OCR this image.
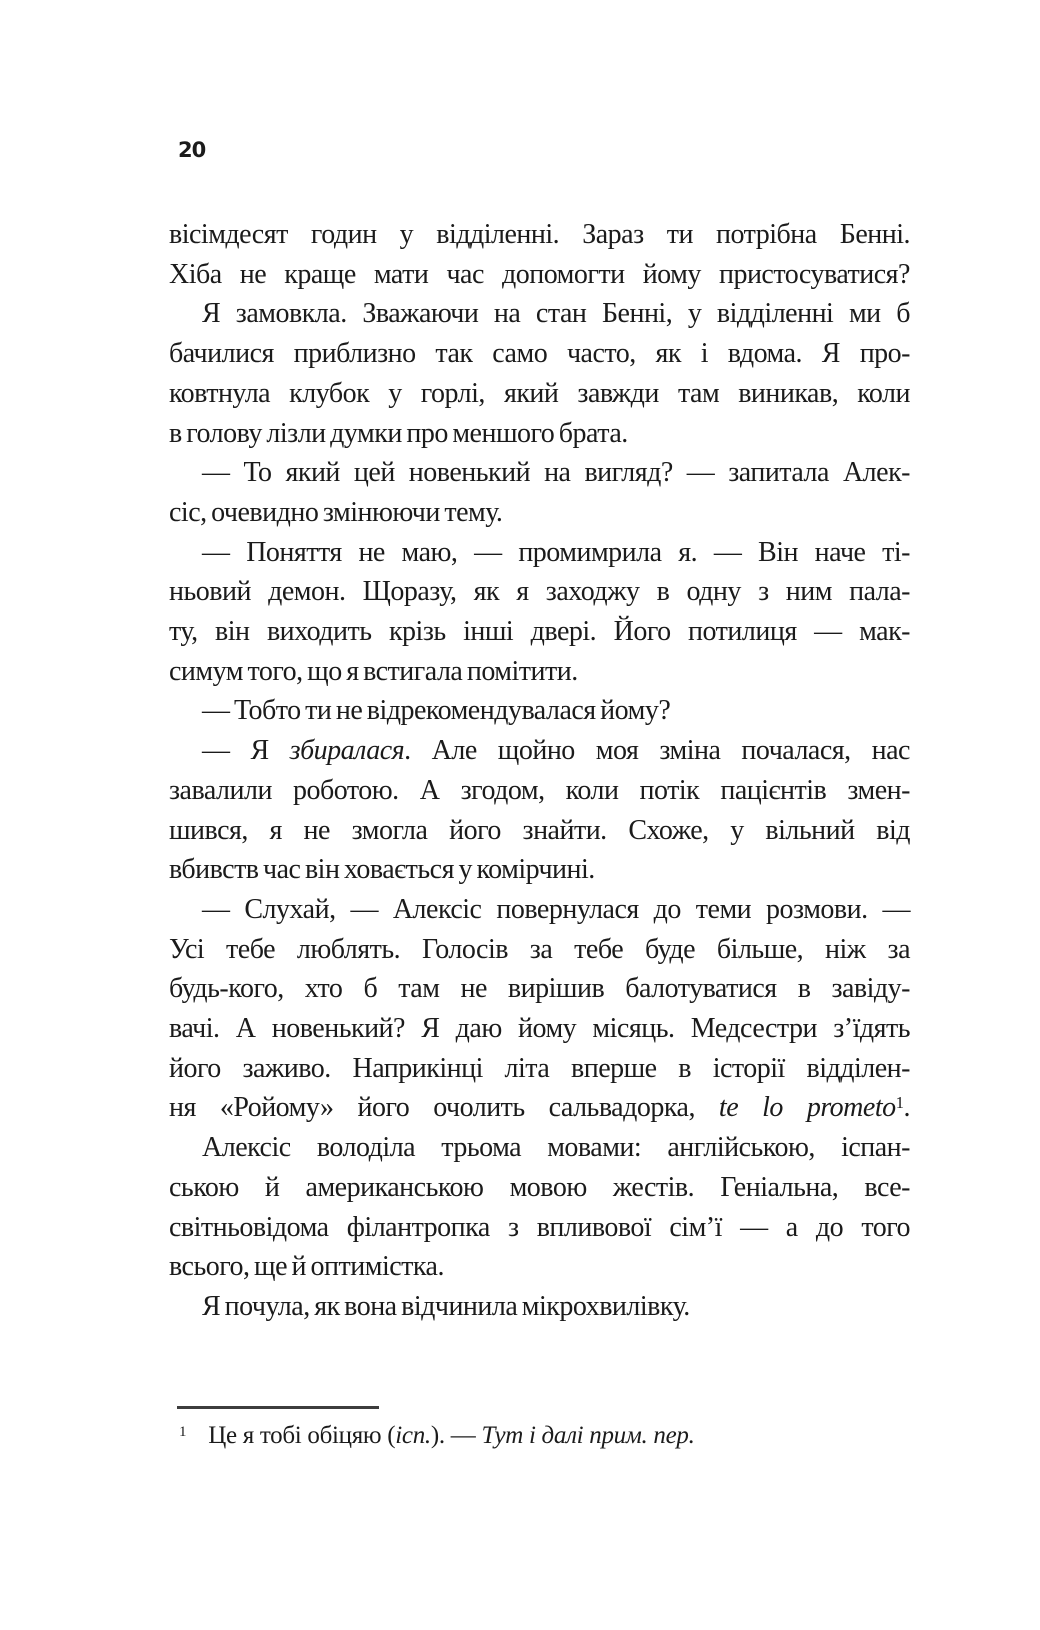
20
вісімдесят годин у відділенні. Зараз ти потрібна Бенні.
Хіба не краще мати час допомогти йому пристосуватися?
Я замовкла. Зважаючи на стан Бенні, у відділенні ми б
бачилися приблизно так само часто, як і вдома. Я про-
ковтнула клубок у горлі, який завжди там виникав, коли
в голову лізли думки про меншого брата.
— То який цей новенький на вигляд? — запитала Алек-
сіс, очевидно змінюючи тему.
— Поняття не маю, — промимрила я. — Він наче ті-
ньовий демон. Щоразу, як я заходжу в одну з ним пала-
ту, він виходить крізь інші двері. Його потилиця — мак-
симум того, що я встигала помітити.
— Тобто ти не відрекомендувалася йому?
— Я збиралася. Але щойно моя зміна почалася, нас
завалили роботою. А згодом, коли потік пацієнтів змен-
шився, я не змогла його знайти. Схоже, у вільний від
вбивств час він ховається у комірчині.
— Слухай, — Алексіс повернулася до теми розмови. —
Усі тебе люблять. Голосів за тебе буде більше, ніж за
будь-кого, хто б там не вирішив балотуватися в завіду-
вачі. А новенький? Я даю йому місяць. Медсестри з’їдять
його заживо. Наприкінці літа вперше в історії відділен-
ня «Ройому» його очолить сальвадорка, te lo prometo$^1$.
Алексіс володіла трьома мовами: англійською, іспан-
ською й американською мовою жестів. Геніальна, все-
світньовідома філантропка з впливової сім’ї — а до того
всього, ще й оптимістка.
Я почула, як вона відчинила мікрохвилівку.
$^1$ Це я тобі обіцяю (ісп.). — Тут і далі прим. пер.
